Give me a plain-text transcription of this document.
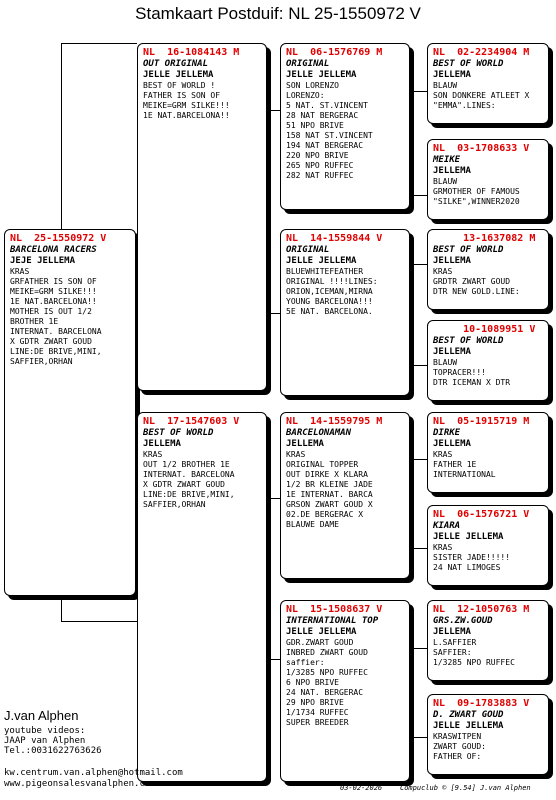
Stamkaart Postduif: NL 25-1550972 V
NL  25-1550972 V
BARCELONA RACERS
JEJE JELLEMA
KRAS
GRFATHER IS SON OF
MEIKE=GRM SILKE!!!
1E NAT.BARCELONA!!
MOTHER IS OUT 1/2
BROTHER 1E
INTERNAT. BARCELONA
X GDTR ZWART GOUD
LINE:DE BRIVE,MINI,
SAFFIER,ORHAN
NL  16-1084143 M
OUT ORIGINAL
JELLE JELLEMA
BEST OF WORLD !
FATHER IS SON OF
MEIKE=GRM SILKE!!!
1E NAT.BARCELONA!!
NL  17-1547603 V
BEST OF WORLD
JELLEMA
KRAS
OUT 1/2 BROTHER 1E
INTERNAT. BARCELONA
X GDTR ZWART GOUD
LINE:DE BRIVE,MINI,
SAFFIER,ORHAN
NL  06-1576769 M
ORIGINAL
JELLE JELLEMA
SON LORENZO
LORENZO:
5 NAT. ST.VINCENT
28 NAT BERGERAC
51 NPO BRIVE
158 NAT ST.VINCENT
194 NAT BERGERAC
220 NPO BRIVE
265 NPO RUFFEC
282 NAT RUFFEC
NL  14-1559844 V
ORIGINAL
JELLE JELLEMA
BLUEWHITEFEATHER
ORIGINAL !!!!LINES:
ORION,ICEMAN,MIRNA
YOUNG BARCELONA!!!
5E NAT. BARCELONA.
NL  14-1559795 M
BARCELONAMAN
JELLEMA
KRAS
ORIGINAL TOPPER
OUT DIRKE X KLARA
1/2 BR KLEINE JADE
1E INTERNAT. BARCA
GRSON ZWART GOUD X
02.DE BERGERAC X
BLAUWE DAME
NL  15-1508637 V
INTERNATIONAL TOP
JELLE JELLEMA
GDR.ZWART GOUD
INBRED ZWART GOUD
saffier:
1/3285 NPO RUFFEC
6 NPO BRIVE
24 NAT. BERGERAC
29 NPO BRIVE
1/1734 RUFFEC
SUPER BREEDER
NL  02-2234904 M
BEST OF WORLD
JELLEMA
BLAUW
SON DONKERE ATLEET X
"EMMA".LINES:
NL  03-1708633 V
MEIKE
JELLEMA
BLAUW
GRMOTHER OF FAMOUS
"SILKE",WINNER2020
13-1637082 M
BEST OF WORLD
JELLEMA
KRAS
GRDTR ZWART GOUD
DTR NEW GOLD.LINE:
10-1089951 V
BEST OF WORLD
JELLEMA
BLAUW
TOPRACER!!!
DTR ICEMAN X DTR
NL  05-1915719 M
DIRKE
JELLEMA
KRAS
FATHER 1E
INTERNATIONAL
NL  06-1576721 V
KIARA
JELLE JELLEMA
KRAS
SISTER JADE!!!!!
24 NAT LIMOGES
NL  12-1050763 M
GRS.ZW.GOUD
JELLEMA
L.SAFFIER
SAFFIER:
1/3285 NPO RUFFEC
NL  09-1783883 V
D. ZWART GOUD
JELLE JELLEMA
KRASWITPEN
ZWART GOUD:
FATHER OF:
J.van Alphen
youtube videos:
JAAP van Alphen
Tel.:0031622763626
kw.centrum.van.alphen@hotmail.com
www.pigeonsalesvanalphen.com	03-02-2026	Compuclub © [9.54] J.van Alphen
